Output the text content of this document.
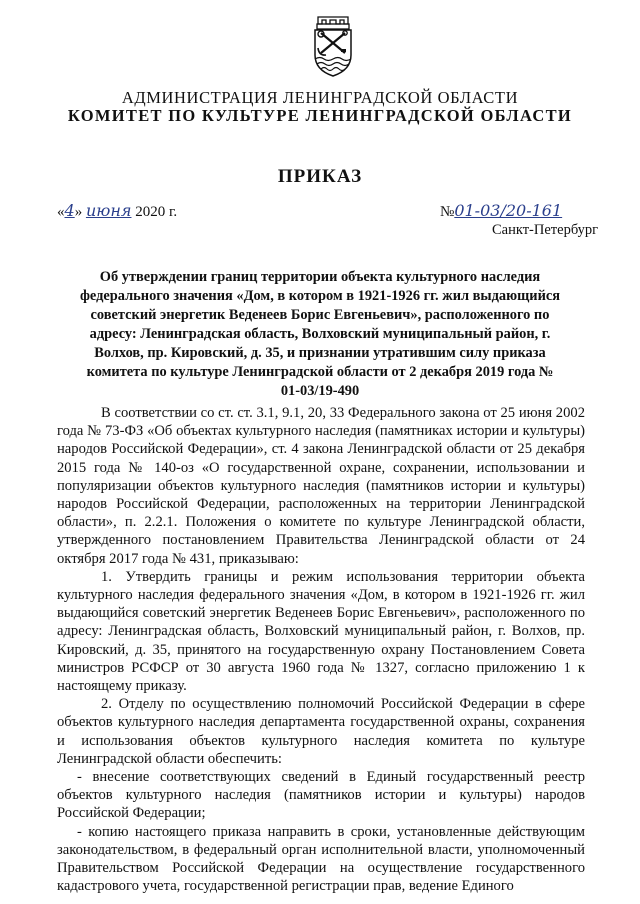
АДМИНИСТРАЦИЯ ЛЕНИНГРАДСКОЙ ОБЛАСТИ
КОМИТЕТ ПО КУЛЬТУРЕ ЛЕНИНГРАДСКОЙ ОБЛАСТИ
ПРИКАЗ
«4» июня 2020 г.	№01-03/20-161
Санкт-Петербург
Об утверждении границ территории объекта культурного наследия федерального значения «Дом, в котором в 1921-1926 гг. жил выдающийся советский энергетик Веденеев Борис Евгеньевич», расположенного по адресу: Ленинградская область, Волховский муниципальный район, г. Волхов, пр. Кировский, д. 35, и признании утратившим силу приказа комитета по культуре Ленинградской области от 2 декабря 2019 года № 01-03/19-490

В соответствии со ст. ст. 3.1, 9.1, 20, 33 Федерального закона от 25 июня 2002 года № 73-ФЗ «Об объектах культурного наследия (памятниках истории и культуры) народов Российской Федерации», ст. 4 закона Ленинградской области от 25 декабря 2015 года № 140-оз «О государственной охране, сохранении, использовании и популяризации объектов культурного наследия (памятников истории и культуры) народов Российской Федерации, расположенных на территории Ленинградской области», п. 2.2.1. Положения о комитете по культуре Ленинградской области, утвержденного постановлением Правительства Ленинградской области от 24 октября 2017 года № 431, приказываю:

1. Утвердить границы и режим использования территории объекта культурного наследия федерального значения «Дом, в котором в 1921-1926 гг. жил выдающийся советский энергетик Веденеев Борис Евгеньевич», расположенного по адресу: Ленинградская область, Волховский муниципальный район, г. Волхов, пр. Кировский, д. 35, принятого на государственную охрану Постановлением Совета министров РСФСР от 30 августа 1960 года № 1327, согласно приложению 1 к настоящему приказу.

2. Отделу по осуществлению полномочий Российской Федерации в сфере объектов культурного наследия департамента государственной охраны, сохранения и использования объектов культурного наследия комитета по культуре Ленинградской области обеспечить:

- внесение соответствующих сведений в Единый государственный реестр объектов культурного наследия (памятников истории и культуры) народов Российской Федерации;

- копию настоящего приказа направить в сроки, установленные действующим законодательством, в федеральный орган исполнительной власти, уполномоченный Правительством Российской Федерации на осуществление государственного кадастрового учета, государственной регистрации прав, ведение Единого
